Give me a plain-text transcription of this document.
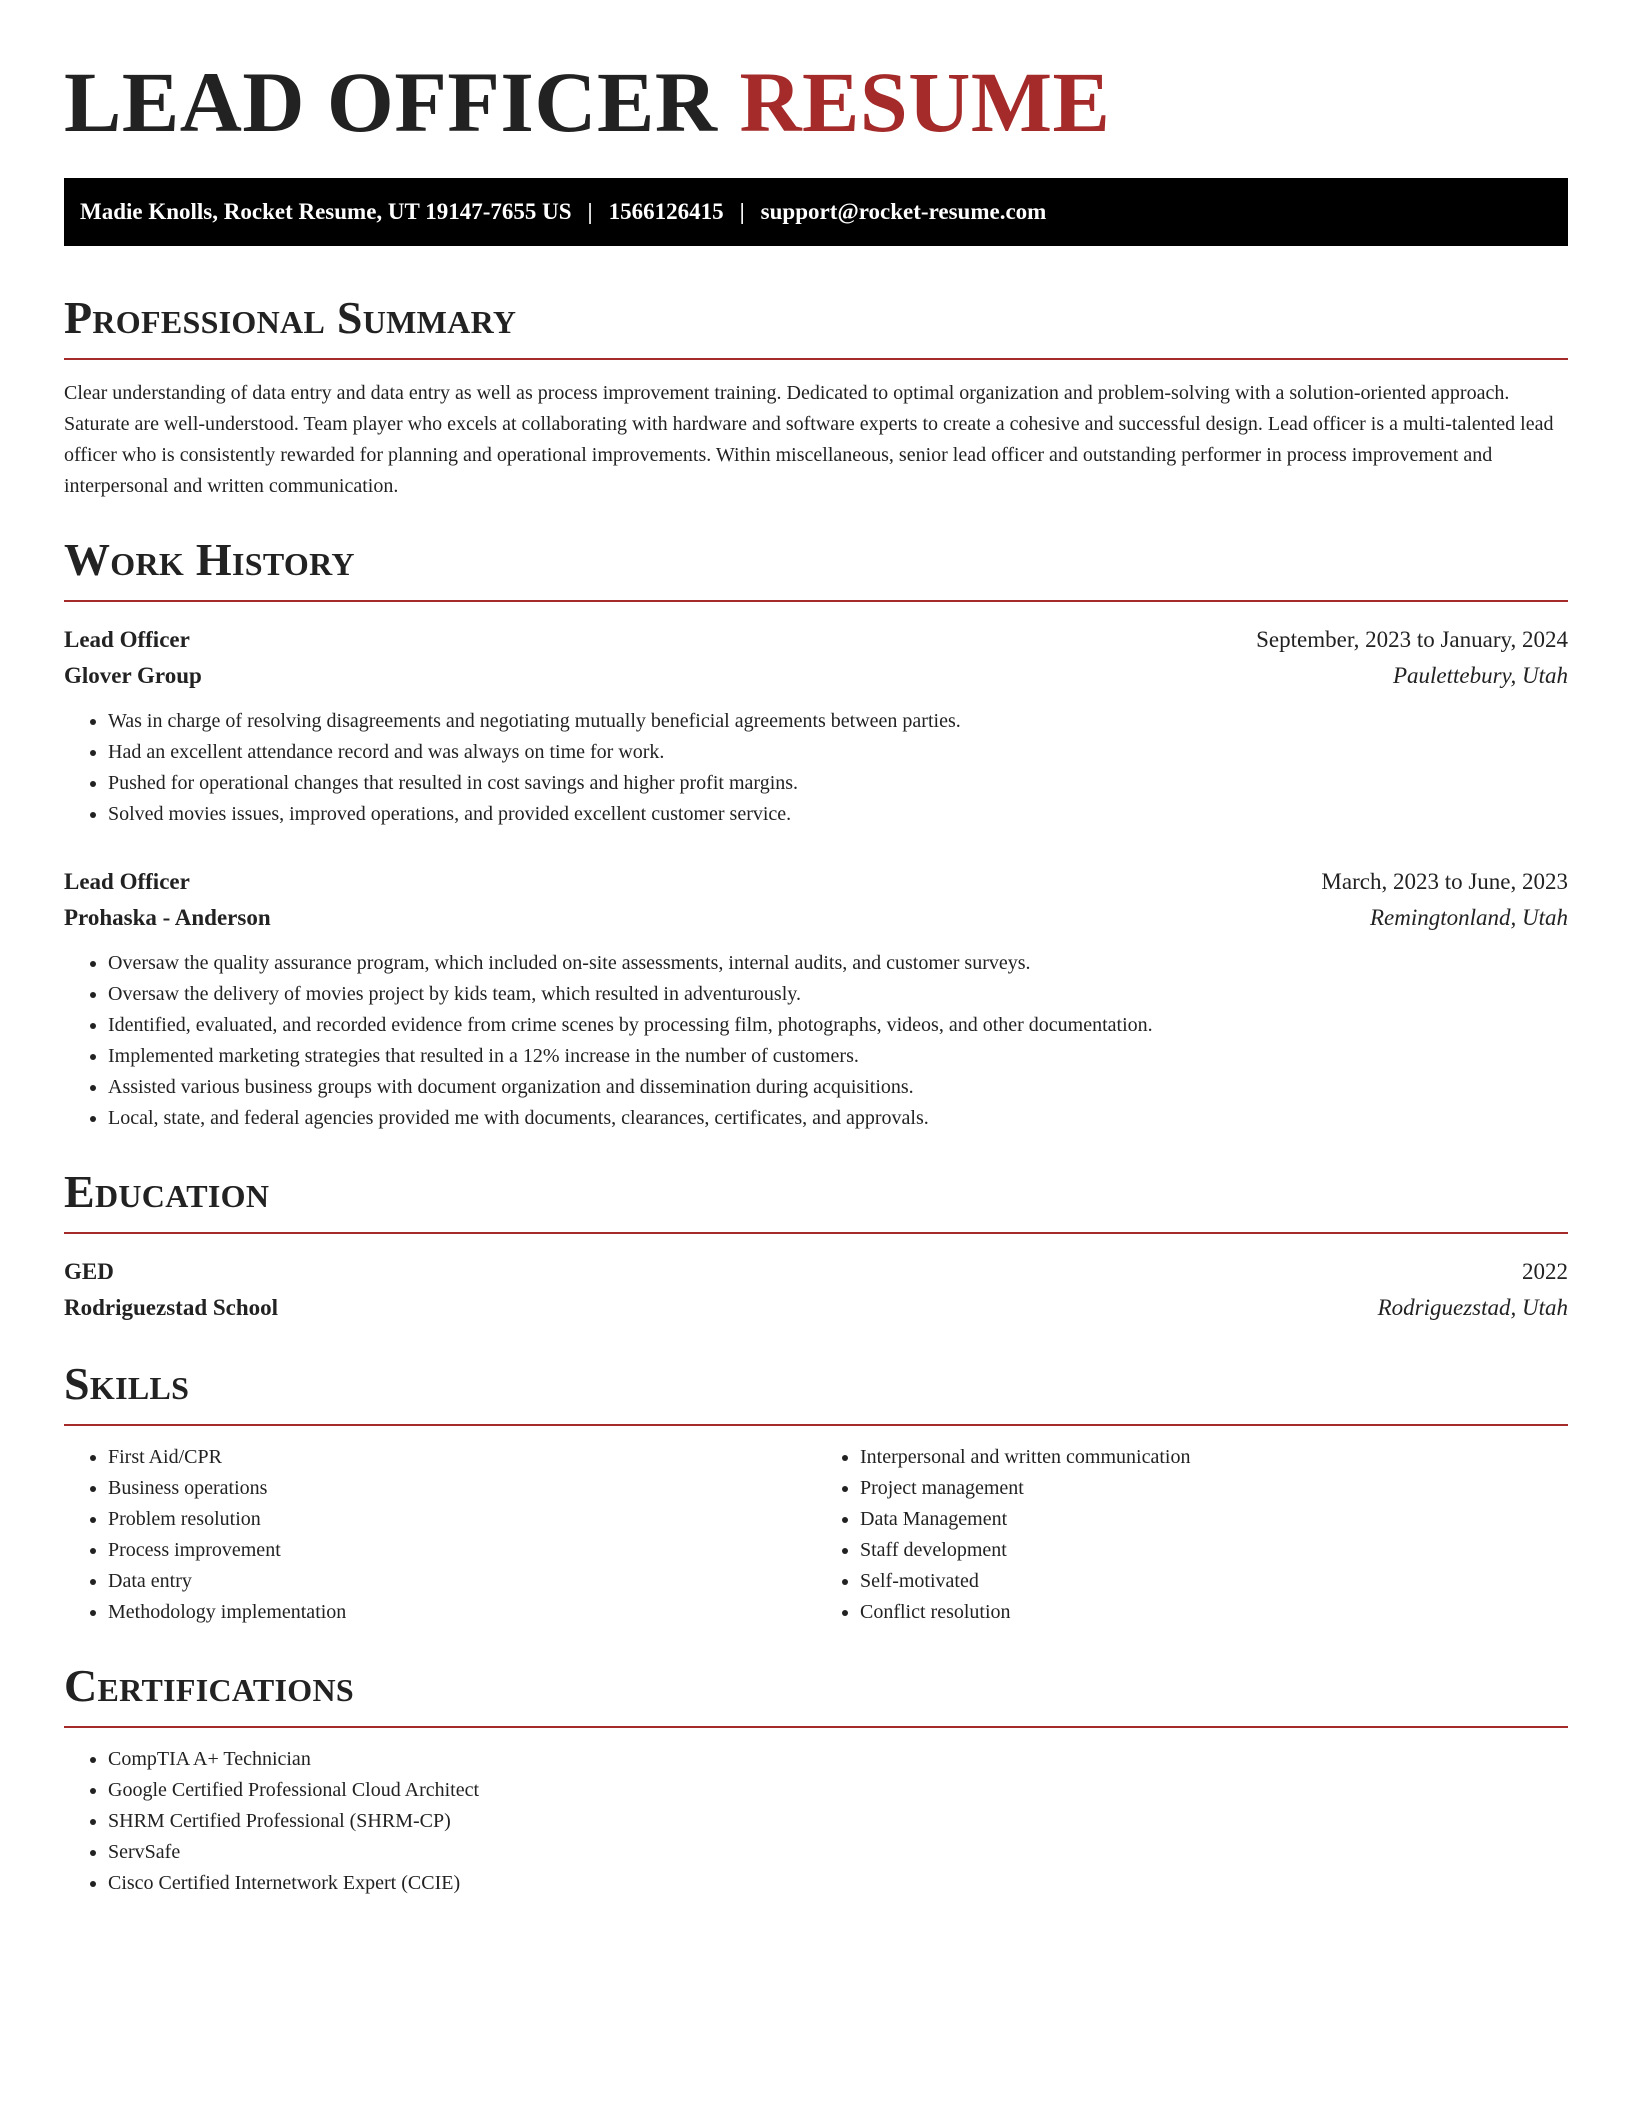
LEAD OFFICER RESUME
Madie Knolls, Rocket Resume, UT 19147-7655 US | 1566126415 | support@rocket-resume.com
Professional Summary

Clear understanding of data entry and data entry as well as process improvement training. Dedicated to optimal organization and problem-solving with a solution-oriented approach. Saturate are well-understood. Team player who excels at collaborating with hardware and software experts to create a cohesive and successful design. Lead officer is a multi-talented lead officer who is consistently rewarded for planning and operational improvements. Within miscellaneous, senior lead officer and outstanding performer in process improvement and interpersonal and written communication.

Work History
Lead Officer	September, 2023 to January, 2024
Glover Group	Paulettebury, Utah
• Was in charge of resolving disagreements and negotiating mutually beneficial agreements between parties.
• Had an excellent attendance record and was always on time for work.
• Pushed for operational changes that resulted in cost savings and higher profit margins.
• Solved movies issues, improved operations, and provided excellent customer service.
Lead Officer	March, 2023 to June, 2023
Prohaska - Anderson	Remingtonland, Utah
• Oversaw the quality assurance program, which included on-site assessments, internal audits, and customer surveys.
• Oversaw the delivery of movies project by kids team, which resulted in adventurously.
• Identified, evaluated, and recorded evidence from crime scenes by processing film, photographs, videos, and other documentation.
• Implemented marketing strategies that resulted in a 12% increase in the number of customers.
• Assisted various business groups with document organization and dissemination during acquisitions.
• Local, state, and federal agencies provided me with documents, clearances, certificates, and approvals.
Education
GED	2022
Rodriguezstad School	Rodriguezstad, Utah
Skills
• First Aid/CPR
• Business operations
• Problem resolution
• Process improvement
• Data entry
• Methodology implementation
• Interpersonal and written communication
• Project management
• Data Management
• Staff development
• Self-motivated
• Conflict resolution
Certifications
• CompTIA A+ Technician
• Google Certified Professional Cloud Architect
• SHRM Certified Professional (SHRM-CP)
• ServSafe
• Cisco Certified Internetwork Expert (CCIE)
